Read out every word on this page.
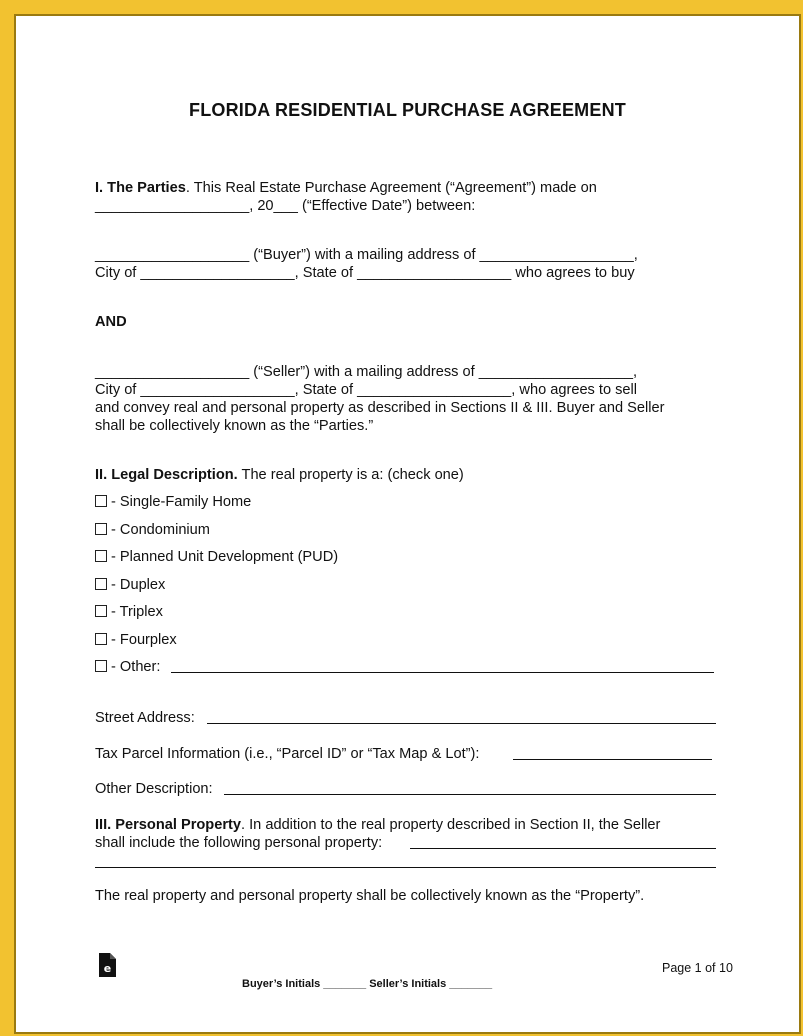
FLORIDA RESIDENTIAL PURCHASE AGREEMENT
I. The Parties. This Real Estate Purchase Agreement (“Agreement”) made on
___________________, 20___ (“Effective Date”) between:
___________________ (“Buyer”) with a mailing address of ___________________,
City of ___________________, State of ___________________ who agrees to buy
AND
___________________ (“Seller”) with a mailing address of ___________________,
City of ___________________, State of ___________________, who agrees to sell
and convey real and personal property as described in Sections II & III. Buyer and Seller
shall be collectively known as the “Parties.”
II. Legal Description. The real property is a: (check one)
- Single-Family Home
- Condominium
- Planned Unit Development (PUD)
- Duplex
- Triplex
- Fourplex
- Other:
Street Address:
Tax Parcel Information (i.e., “Parcel ID” or “Tax Map & Lot”):
Other Description:
III. Personal Property. In addition to the real property described in Section II, the Seller
shall include the following personal property:
The real property and personal property shall be collectively known as the “Property”.
e	Page 1 of 10
Buyer’s Initials _______ Seller’s Initials _______
